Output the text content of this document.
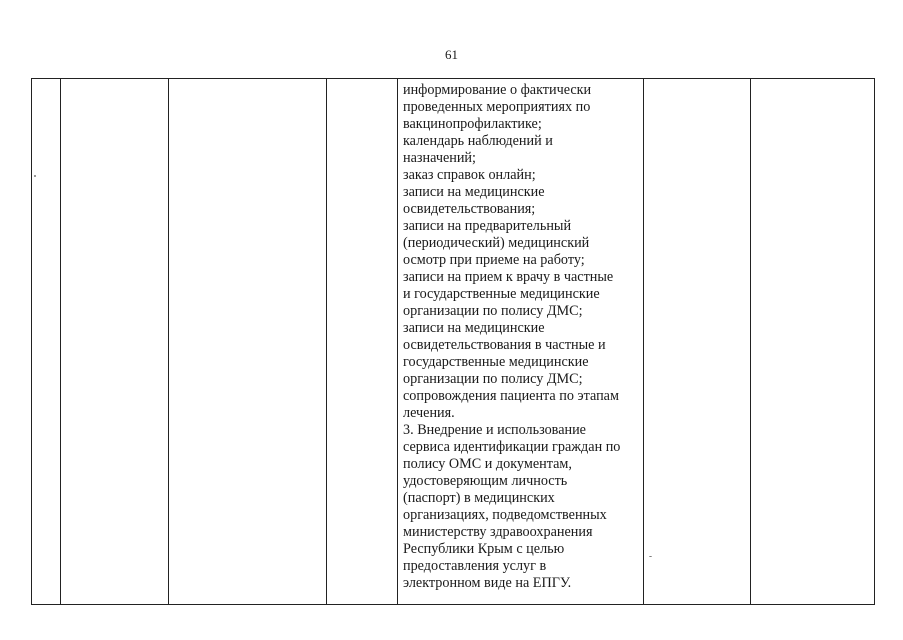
61

информирование о фактически
проведенных мероприятиях по
вакцинопрофилактике;
календарь наблюдений и
назначений;
заказ справок онлайн;
записи на медицинские
освидетельствования;
записи на предварительный
(периодический) медицинский
осмотр при приеме на работу;
записи на прием к врачу в частные
и государственные медицинские
организации по полису ДМС;
записи на медицинские
освидетельствования в частные и
государственные медицинские
организации по полису ДМС;
сопровождения пациента по этапам
лечения.
3. Внедрение и использование
сервиса идентификации граждан по
полису ОМС и документам,
удостоверяющим личность
(паспорт) в медицинских
организациях, подведомственных
министерству здравоохранения
Республики Крым с целью
предоставления услуг в
электронном виде на ЕПГУ.
